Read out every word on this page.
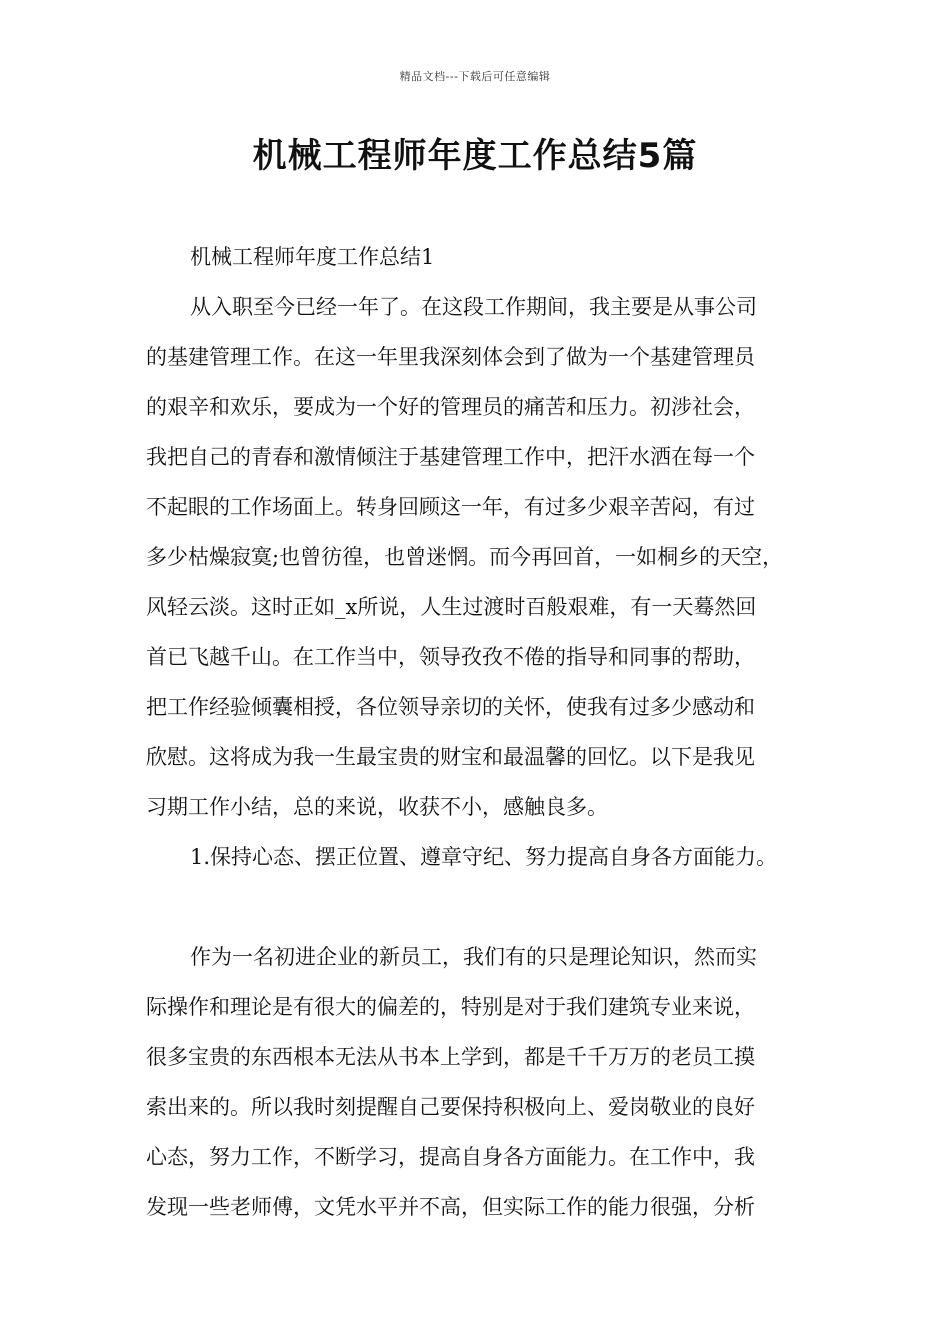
精品文档---下载后可任意编辑
机械工程师年度工作总结5篇
机械工程师年度工作总结1
从入职至今已经一年了。在这段工作期间，我主要是从事公司
的基建管理工作。在这一年里我深刻体会到了做为一个基建管理员
的艰辛和欢乐，要成为一个好的管理员的痛苦和压力。初涉社会，
我把自己的青春和激情倾注于基建管理工作中，把汗水洒在每一个
不起眼的工作场面上。转身回顾这一年，有过多少艰辛苦闷，有过
多少枯燥寂寞;也曾彷徨，也曾迷惘。而今再回首，一如桐乡的天空，
风轻云淡。这时正如_x所说，人生过渡时百般艰难，有一天蓦然回
首已飞越千山。在工作当中，领导孜孜不倦的指导和同事的帮助，
把工作经验倾囊相授，各位领导亲切的关怀，使我有过多少感动和
欣慰。这将成为我一生最宝贵的财宝和最温馨的回忆。以下是我见
习期工作小结，总的来说，收获不小，感触良多。
1.保持心态、摆正位置、遵章守纪、努力提高自身各方面能力。
作为一名初进企业的新员工，我们有的只是理论知识，然而实
际操作和理论是有很大的偏差的，特别是对于我们建筑专业来说，
很多宝贵的东西根本无法从书本上学到，都是千千万万的老员工摸
索出来的。所以我时刻提醒自己要保持积极向上、爱岗敬业的良好
心态，努力工作，不断学习，提高自身各方面能力。在工作中，我
发现一些老师傅，文凭水平并不高，但实际工作的能力很强，分析
